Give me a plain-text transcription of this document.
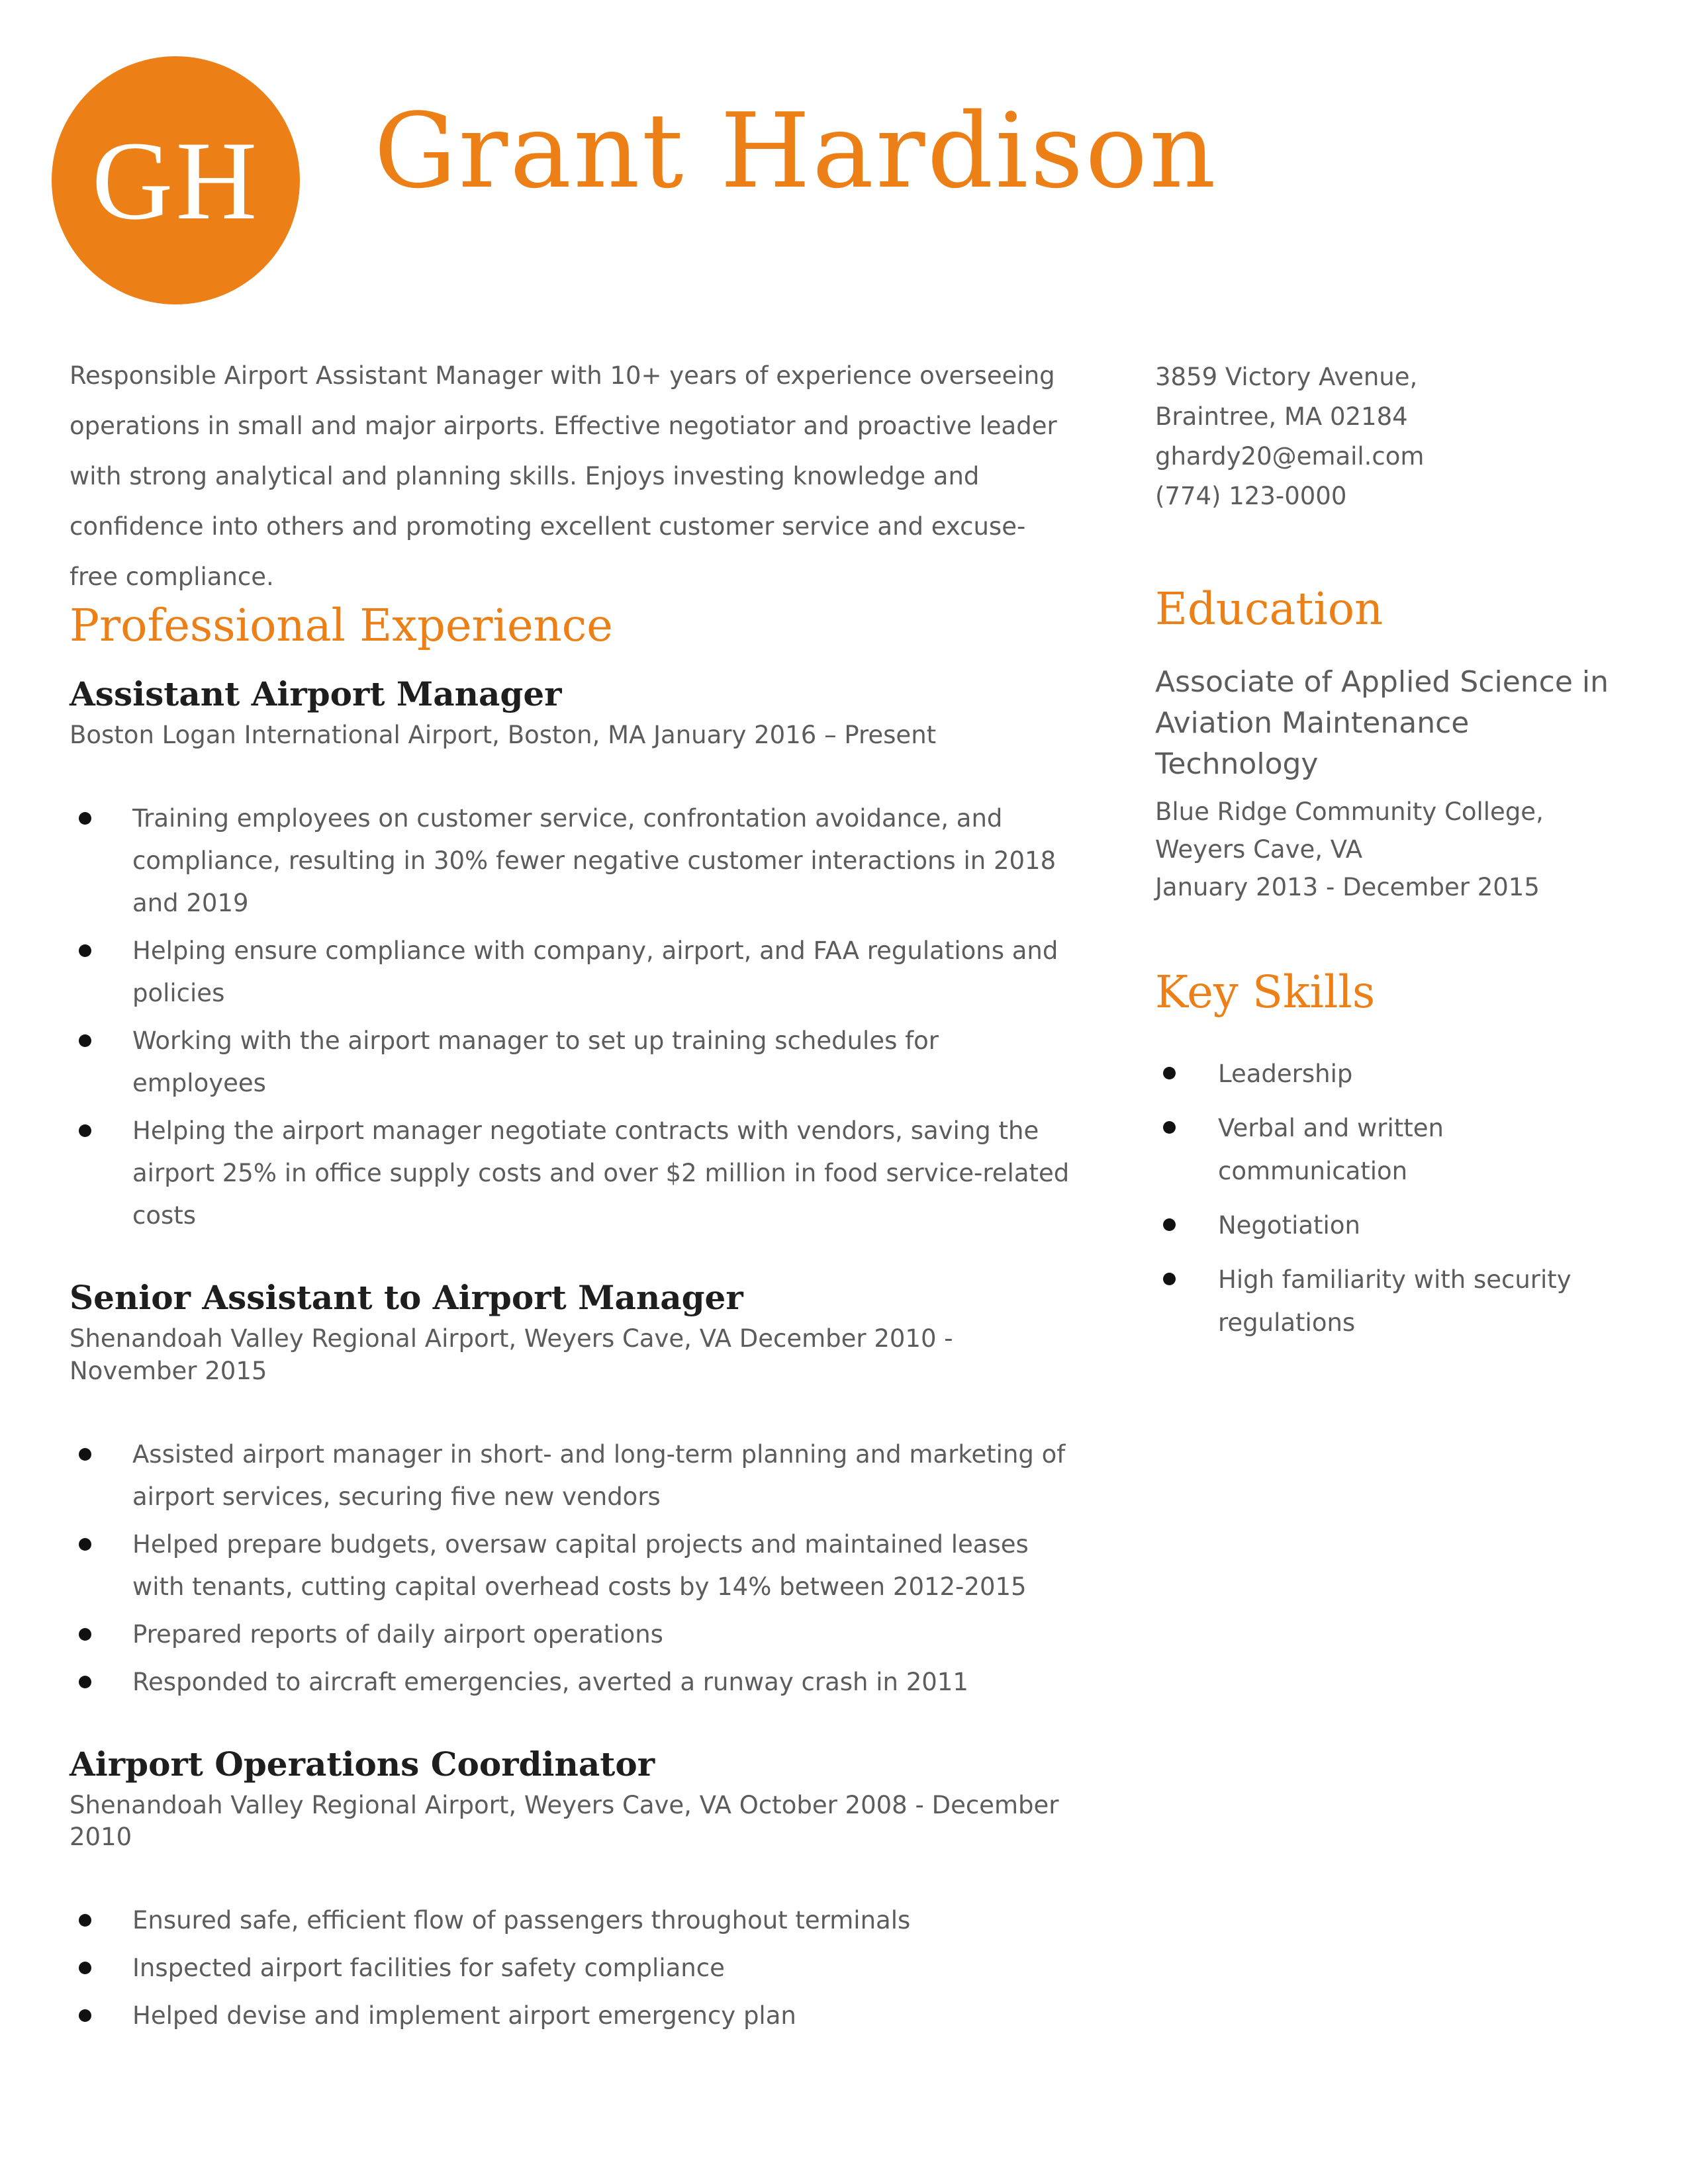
GH Grant Hardison
Responsible Airport Assistant Manager with 10+ years of experience overseeing operations in small and major airports. Effective negotiator and proactive leader with strong analytical and planning skills. Enjoys investing knowledge and confidence into others and promoting excellent customer service and excuse-free compliance.
Professional Experience
Assistant Airport Manager
Boston Logan International Airport, Boston, MA January 2016 – Present
Training employees on customer service, confrontation avoidance, and compliance, resulting in 30% fewer negative customer interactions in 2018 and 2019
Helping ensure compliance with company, airport, and FAA regulations and policies
Working with the airport manager to set up training schedules for employees
Helping the airport manager negotiate contracts with vendors, saving the airport 25% in office supply costs and over $2 million in food service-related costs
Senior Assistant to Airport Manager
Shenandoah Valley Regional Airport, Weyers Cave, VA December 2010 - November 2015
Assisted airport manager in short- and long-term planning and marketing of airport services, securing five new vendors
Helped prepare budgets, oversaw capital projects and maintained leases with tenants, cutting capital overhead costs by 14% between 2012-2015
Prepared reports of daily airport operations
Responded to aircraft emergencies, averted a runway crash in 2011
Airport Operations Coordinator
Shenandoah Valley Regional Airport, Weyers Cave, VA October 2008 - December 2010
Ensured safe, efficient flow of passengers throughout terminals
Inspected airport facilities for safety compliance
Helped devise and implement airport emergency plan
3859 Victory Avenue,
Braintree, MA 02184
ghardy20@email.com
(774) 123-0000
Education
Associate of Applied Science in
Aviation Maintenance Technology
Blue Ridge Community College,
Weyers Cave, VA
January 2013 - December 2015
Key Skills
Leadership
Verbal and written communication
Negotiation
High familiarity with security regulations
